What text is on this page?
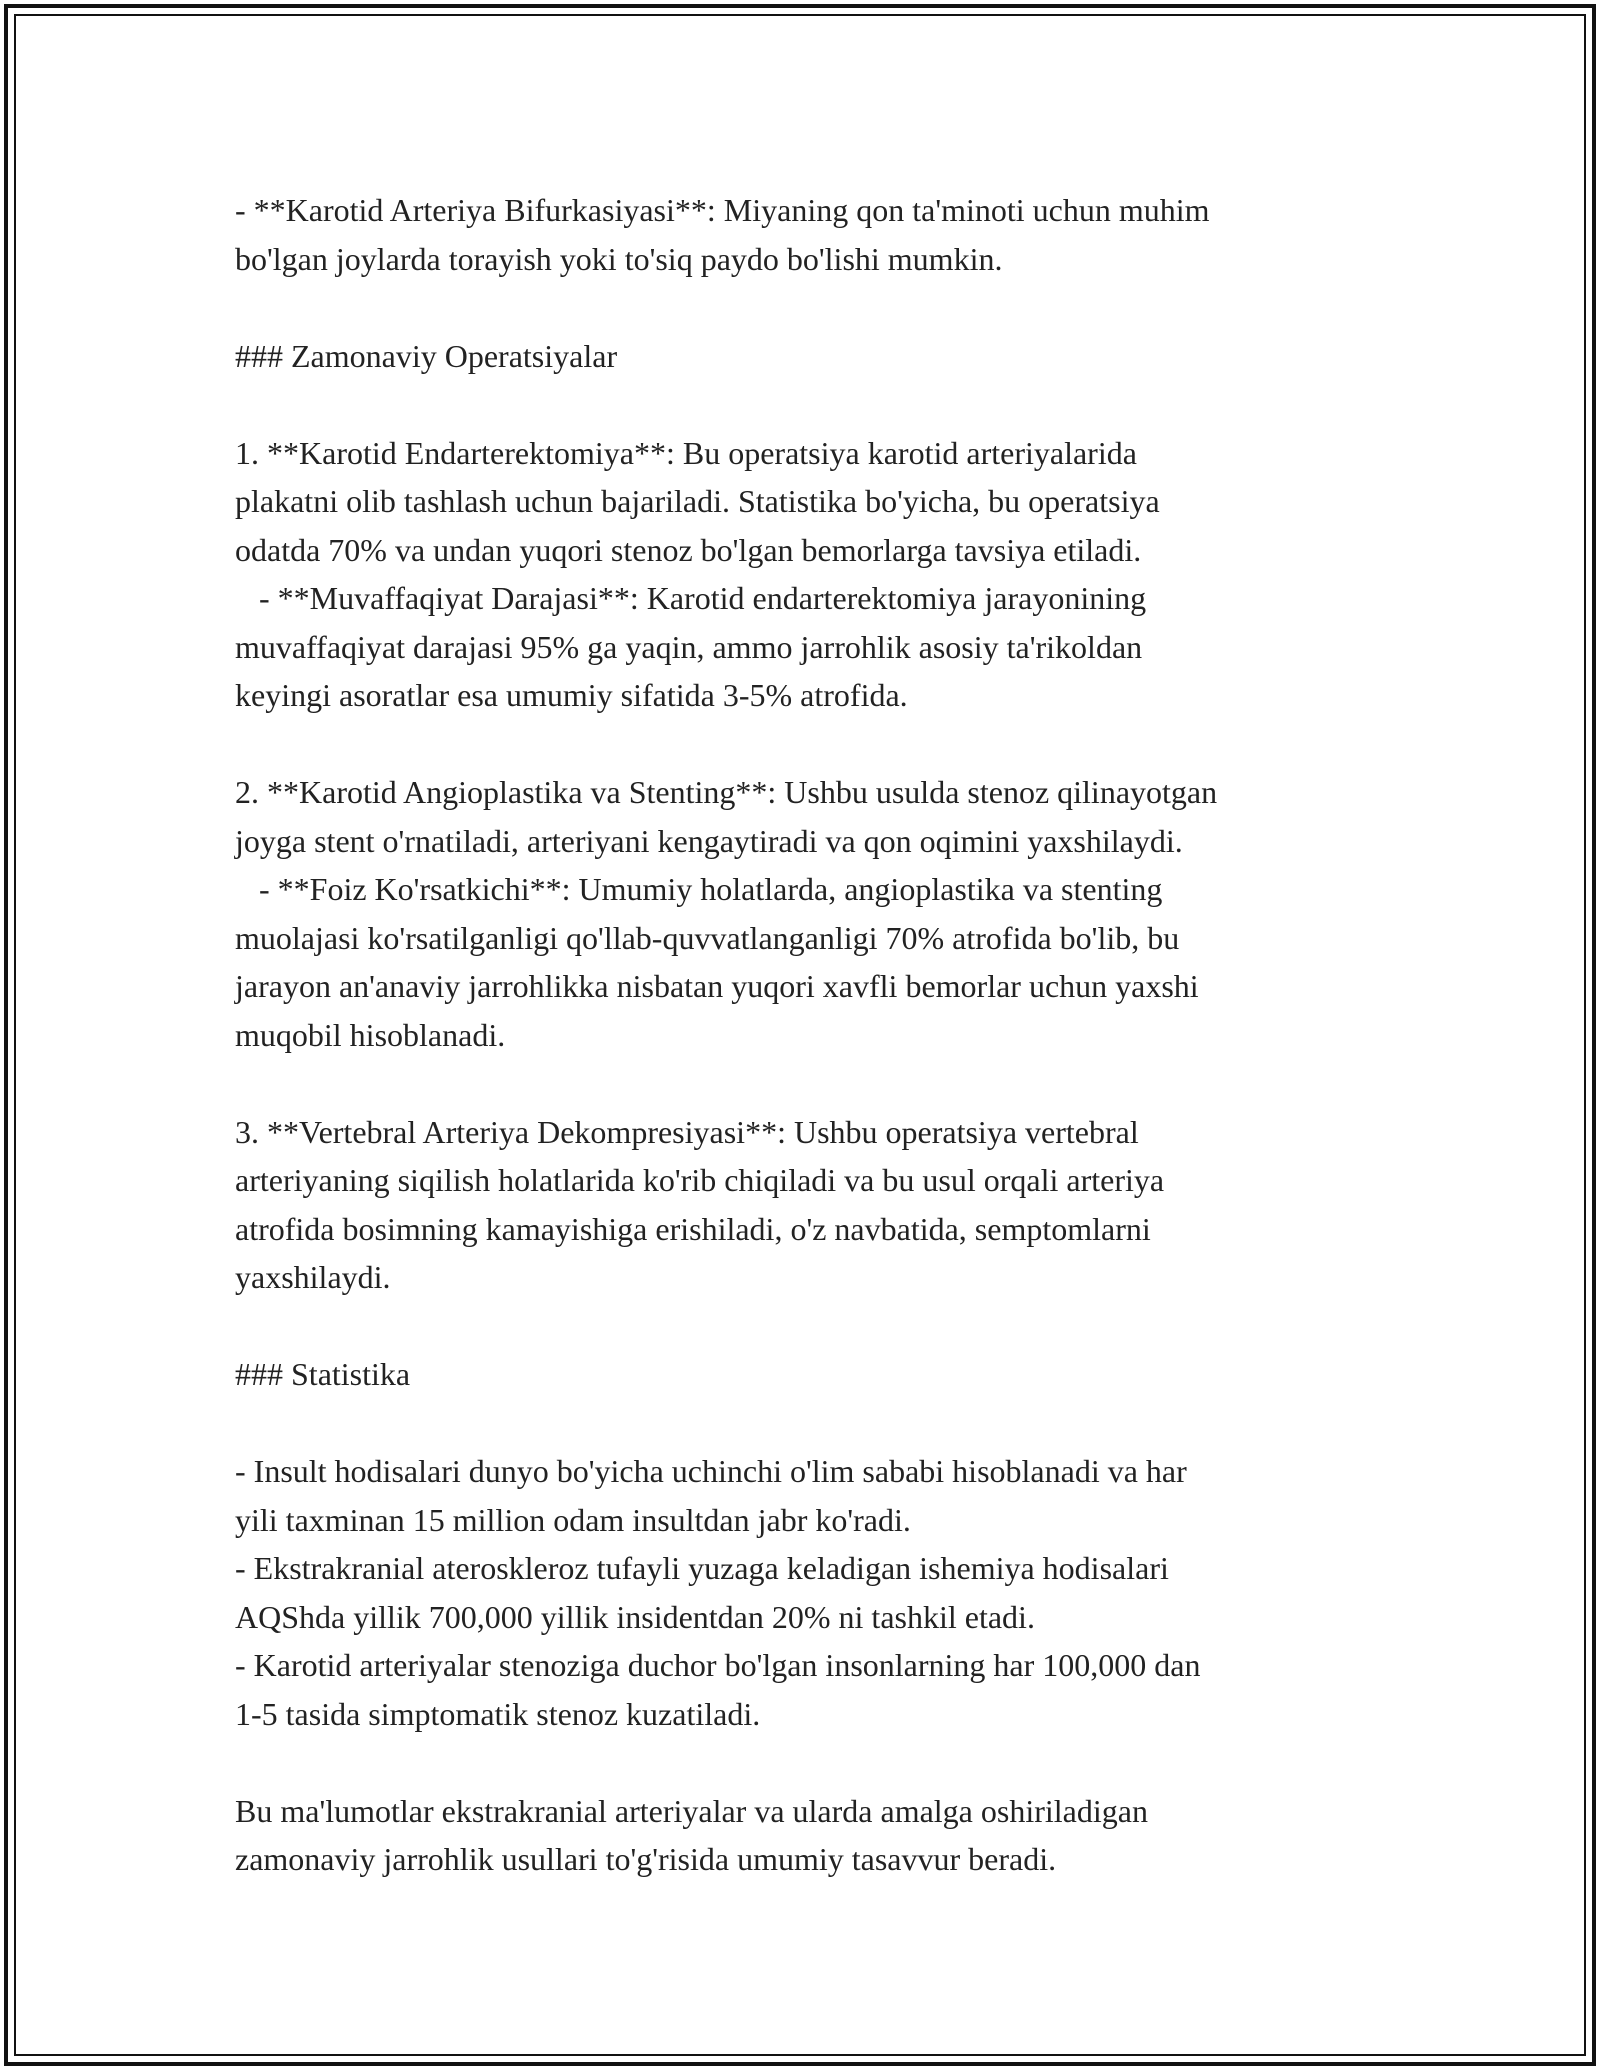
- **Karotid Arteriya Bifurkasiyasi**: Miyaning qon ta'minoti uchun muhim
bo'lgan joylarda torayish yoki to'siq paydo bo'lishi mumkin.
### Zamonaviy Operatsiyalar
1. **Karotid Endarterektomiya**: Bu operatsiya karotid arteriyalarida
plakatni olib tashlash uchun bajariladi. Statistika bo'yicha, bu operatsiya
odatda 70% va undan yuqori stenoz bo'lgan bemorlarga tavsiya etiladi.
- **Muvaffaqiyat Darajasi**: Karotid endarterektomiya jarayonining
muvaffaqiyat darajasi 95% ga yaqin, ammo jarrohlik asosiy ta'rikoldan
keyingi asoratlar esa umumiy sifatida 3-5% atrofida.
2. **Karotid Angioplastika va Stenting**: Ushbu usulda stenoz qilinayotgan
joyga stent o'rnatiladi, arteriyani kengaytiradi va qon oqimini yaxshilaydi.
- **Foiz Ko'rsatkichi**: Umumiy holatlarda, angioplastika va stenting
muolajasi ko'rsatilganligi qo'llab-quvvatlanganligi 70% atrofida bo'lib, bu
jarayon an'anaviy jarrohlikka nisbatan yuqori xavfli bemorlar uchun yaxshi
muqobil hisoblanadi.
3. **Vertebral Arteriya Dekompresiyasi**: Ushbu operatsiya vertebral
arteriyaning siqilish holatlarida ko'rib chiqiladi va bu usul orqali arteriya
atrofida bosimning kamayishiga erishiladi, o'z navbatida, semptomlarni
yaxshilaydi.
### Statistika
- Insult hodisalari dunyo bo'yicha uchinchi o'lim sababi hisoblanadi va har
yili taxminan 15 million odam insultdan jabr ko'radi.
- Ekstrakranial ateroskleroz tufayli yuzaga keladigan ishemiya hodisalari
AQShda yillik 700,000 yillik insidentdan 20% ni tashkil etadi.
- Karotid arteriyalar stenoziga duchor bo'lgan insonlarning har 100,000 dan
1-5 tasida simptomatik stenoz kuzatiladi.
Bu ma'lumotlar ekstrakranial arteriyalar va ularda amalga oshiriladigan
zamonaviy jarrohlik usullari to'g'risida umumiy tasavvur beradi.
